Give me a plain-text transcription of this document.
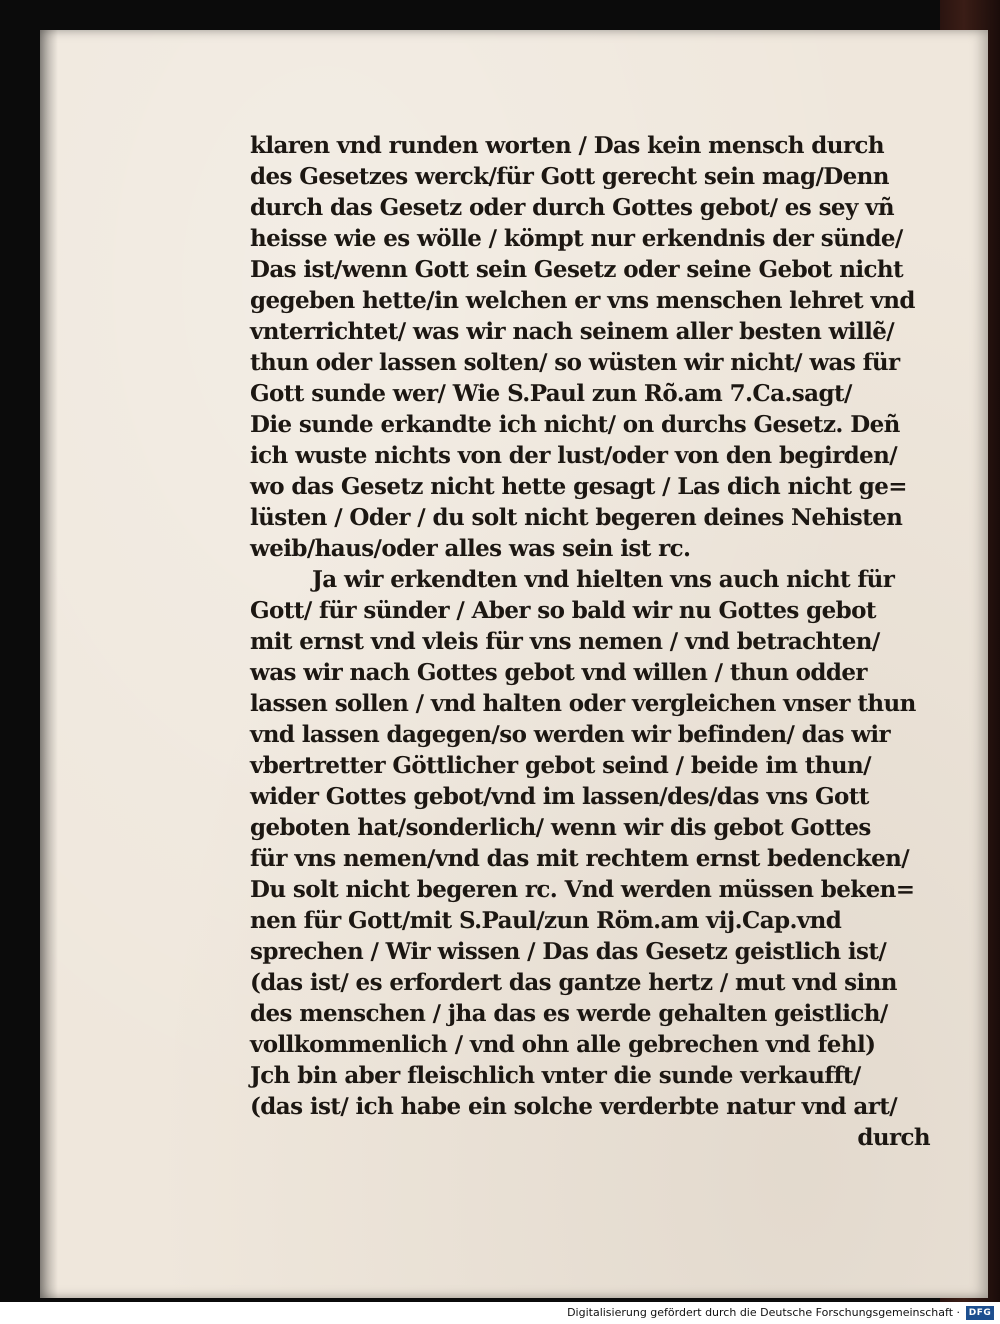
klaren vnd runden worten / Das kein mensch durch
des Gesetzes werck/für Gott gerecht sein mag/Denn
durch das Gesetz oder durch Gottes gebot/ es sey vñ
heisse wie es wölle / kömpt nur erkendnis der sünde/
Das ist/wenn Gott sein Gesetz oder seine Gebot nicht
gegeben hette/in welchen er vns menschen lehret vnd
vnterrichtet/ was wir nach seinem aller besten willẽ/
thun oder lassen solten/ so wüsten wir nicht/ was für
Gott sunde wer/ Wie S.Paul zun Rõ.am 7.Ca.sagt/
Die sunde erkandte ich nicht/ on durchs Gesetz. Deñ
ich wuste nichts von der lust/oder von den begirden/
wo das Gesetz nicht hette gesagt / Las dich nicht ge=
lüsten / Oder / du solt nicht begeren deines Nehisten
weib/haus/oder alles was sein ist rc.
Ja wir erkendten vnd hielten vns auch nicht für
Gott/ für sünder / Aber so bald wir nu Gottes gebot
mit ernst vnd vleis für vns nemen / vnd betrachten/
was wir nach Gottes gebot vnd willen / thun odder
lassen sollen / vnd halten oder vergleichen vnser thun
vnd lassen dagegen/so werden wir befinden/ das wir
vbertretter Göttlicher gebot seind / beide im thun/
wider Gottes gebot/vnd im lassen/des/das vns Gott
geboten hat/sonderlich/ wenn wir dis gebot Gottes
für vns nemen/vnd das mit rechtem ernst bedencken/
Du solt nicht begeren rc. Vnd werden müssen beken=
nen für Gott/mit S.Paul/zun Röm.am vij.Cap.vnd
sprechen / Wir wissen / Das das Gesetz geistlich ist/
(das ist/ es erfordert das gantze hertz / mut vnd sinn
des menschen / jha das es werde gehalten geistlich/
vollkommenlich / vnd ohn alle gebrechen vnd fehl)
Jch bin aber fleischlich vnter die sunde verkaufft/
(das ist/ ich habe ein solche verderbte natur vnd art/
durch
Digitalisierung gefördert durch die Deutsche Forschungsgemeinschaft · DFG
